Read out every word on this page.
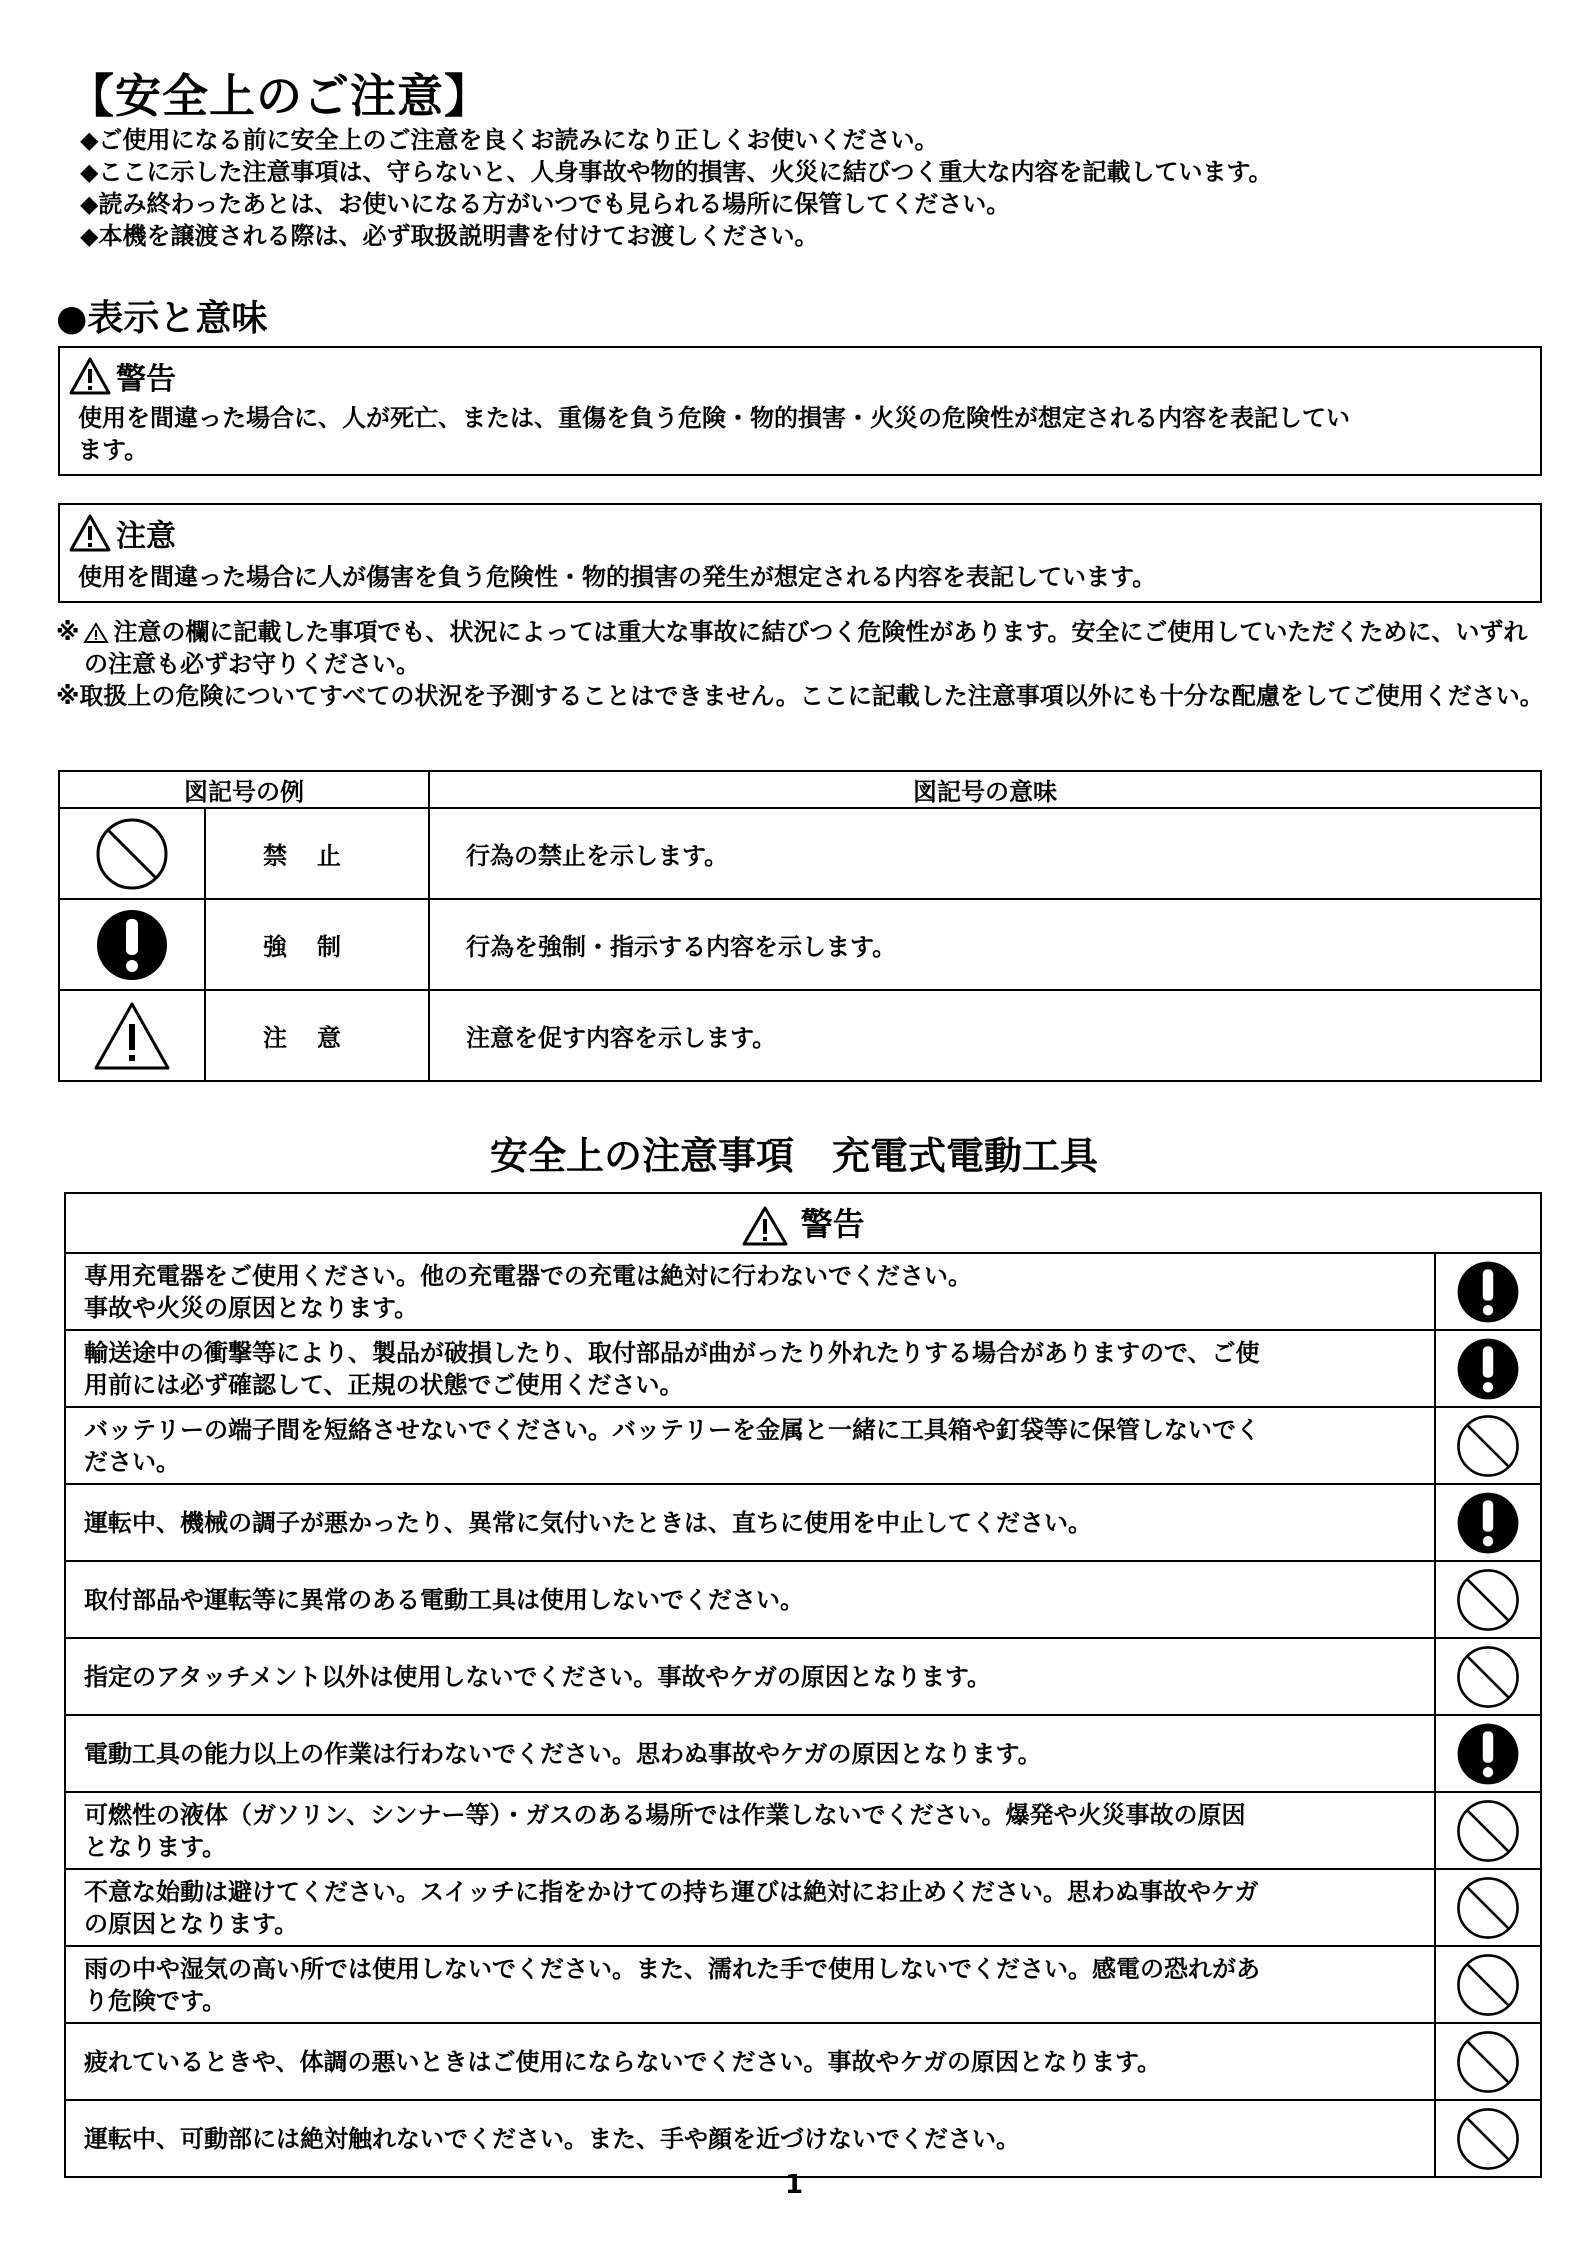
【安全上のご注意】
◆ご使用になる前に安全上のご注意を良くお読みになり正しくお使いください。
◆ここに示した注意事項は、守らないと、人身事故や物的損害、火災に結びつく重大な内容を記載しています。
◆読み終わったあとは、お使いになる方がいつでも見られる場所に保管してください。
◆本機を譲渡される際は、必ず取扱説明書を付けてお渡しください。
●表示と意味
警告
使用を間違った場合に、人が死亡、または、重傷を負う危険・物的損害・火災の危険性が想定される内容を表記してい
ます。
注意
使用を間違った場合に人が傷害を負う危険性・物的損害の発生が想定される内容を表記しています。
※ 注意の欄に記載した事項でも、状況によっては重大な事故に結びつく危険性があります。安全にご使用していただくために、いずれの注意も必ずお守りください。
※取扱上の危険についてすべての状況を予測することはできません。ここに記載した注意事項以外にも十分な配慮をしてご使用ください。
図記号の例		図記号の意味
	禁止	行為の禁止を示します。
	強制	行為を強制・指示する内容を示します。
	注意	注意を促す内容を示します。
安全上の注意事項　充電式電動工具
警告	

専用充電器をご使用ください。他の充電器での充電は絶対に行わないでください。
事故や火災の原因となります。

輸送途中の衝撃等により、製品が破損したり、取付部品が曲がったり外れたりする場合がありますので、ご使
用前には必ず確認して、正規の状態でご使用ください。

バッテリーの端子間を短絡させないでください。バッテリーを金属と一緒に工具箱や釘袋等に保管しないでく
ださい。

運転中、機械の調子が悪かったり、異常に気付いたときは、直ちに使用を中止してください。

取付部品や運転等に異常のある電動工具は使用しないでください。

指定のアタッチメント以外は使用しないでください。事故やケガの原因となります。

電動工具の能力以上の作業は行わないでください。思わぬ事故やケガの原因となります。

可燃性の液体（ガソリン、シンナー等）・ガスのある場所では作業しないでください。爆発や火災事故の原因
となります。

不意な始動は避けてください。スイッチに指をかけての持ち運びは絶対にお止めください。思わぬ事故やケガ
の原因となります。

雨の中や湿気の高い所では使用しないでください。また、濡れた手で使用しないでください。感電の恐れがあ
り危険です。

疲れているときや、体調の悪いときはご使用にならないでください。事故やケガの原因となります。

運転中、可動部には絶対触れないでください。また、手や顔を近づけないでください。

1
